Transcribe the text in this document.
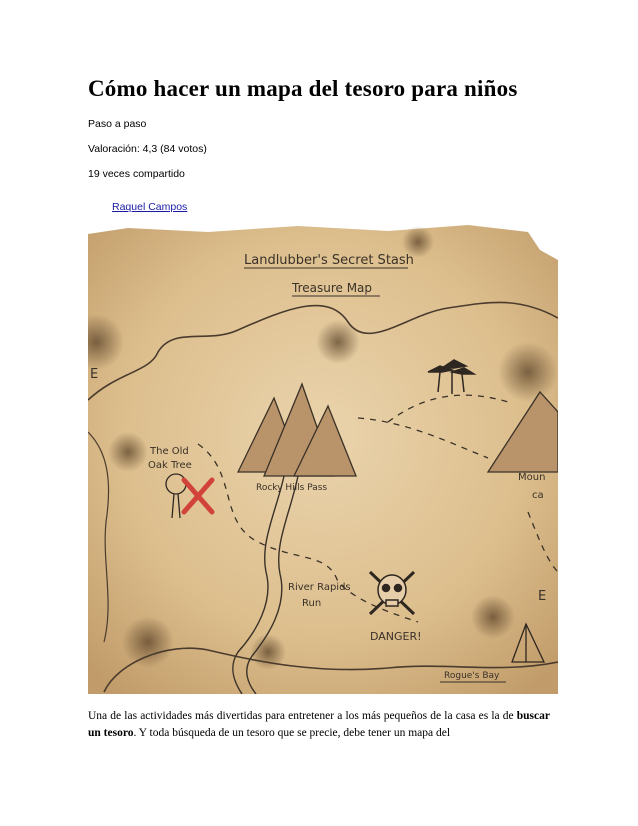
Cómo hacer un mapa del tesoro para niños

Paso a paso

Valoración: 4,3 (84 votos)

19 veces compartido

Raquel Campos
Landlubber's Secret Stash
Treasure Map
E
The Old
Oak Tree
Rocky Hills Pass
Moun
ca
River Rapids
Run
DANGER!
E
Rogue's Bay

Una de las actividades más divertidas para entretener a los más pequeños de la casa es la de buscar un tesoro. Y toda búsqueda de un tesoro que se precie, debe tener un mapa del
